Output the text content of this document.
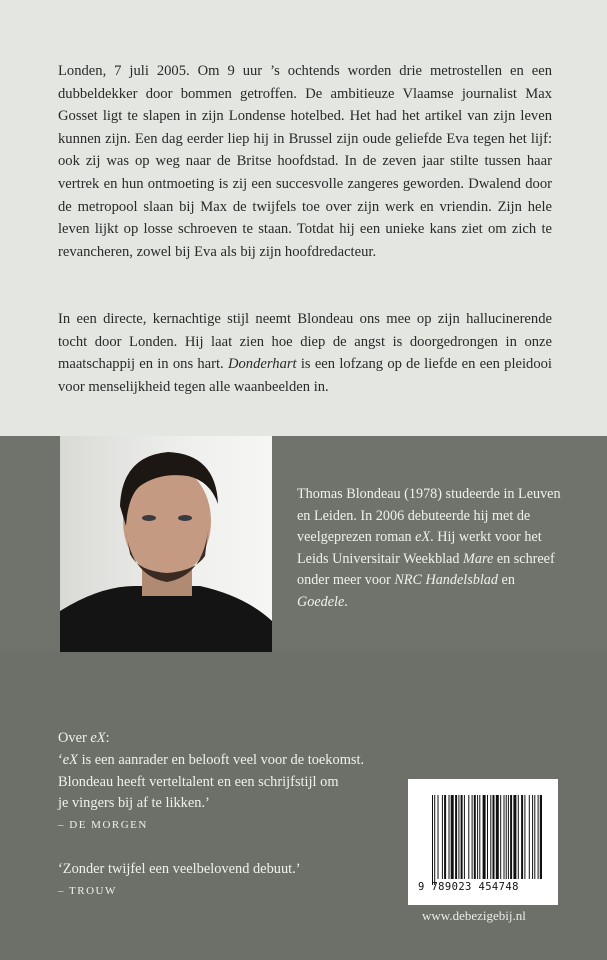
Londen, 7 juli 2005. Om 9 uur ’s ochtends worden drie metrostellen en een dubbeldekker door bommen getroffen. De ambitieuze Vlaamse journalist Max Gosset ligt te slapen in zijn Londense hotelbed. Het had het artikel van zijn leven kunnen zijn. Een dag eerder liep hij in Brussel zijn oude geliefde Eva tegen het lijf: ook zij was op weg naar de Britse hoofdstad. In de zeven jaar stilte tussen haar vertrek en hun ontmoeting is zij een succesvolle zangeres geworden. Dwalend door de metropool slaan bij Max de twijfels toe over zijn werk en vriendin. Zijn hele leven lijkt op losse schroeven te staan. Totdat hij een unieke kans ziet om zich te revancheren, zowel bij Eva als bij zijn hoofdredacteur.

In een directe, kernachtige stijl neemt Blondeau ons mee op zijn hallucinerende tocht door Londen. Hij laat zien hoe diep de angst is doorgedrongen in onze maatschappij en in ons hart. Donderhart is een lofzang op de liefde en een pleidooi voor menselijkheid tegen alle waanbeelden in.

Thomas Blondeau (1978) studeerde in Leuven en Leiden. In 2006 debuteerde hij met de veelgeprezen roman eX. Hij werkt voor het Leids Universitair Weekblad Mare en schreef onder meer voor NRC Handelsblad en Goedele.

Over eX:
‘eX is een aanrader en belooft veel voor de toekomst.
Blondeau heeft verteltalent en een schrijfstijl om
je vingers bij af te likken.’
– DE MORGEN
‘Zonder twijfel een veelbelovend debuut.’
– TROUW	9 789023 454748
www.debezigebij.nl
